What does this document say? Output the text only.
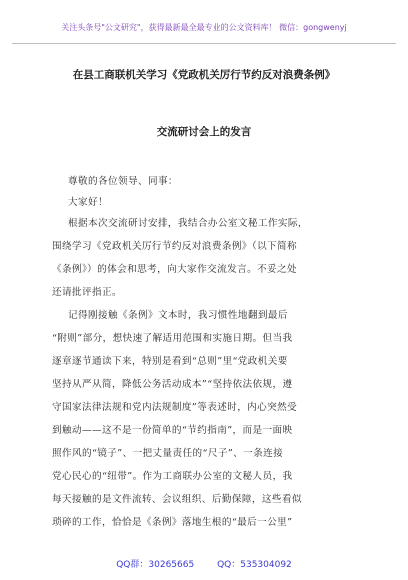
关注头条号"公文研究"，获得最新最全最专业的公文资料库！ 微信：gongwenyj
在县工商联机关学习《党政机关厉行节约反对浪费条例》
交流研讨会上的发言
尊敬的各位领导、同事：
大家好！
根据本次交流研讨安排，我结合办公室文秘工作实际，
围绕学习《党政机关厉行节约反对浪费条例》（以下简称
《条例》）的体会和思考，向大家作交流发言。不妥之处
还请批评指正。
记得刚接触《条例》文本时，我习惯性地翻到最后
“附则”部分，想快速了解适用范围和实施日期。但当我
逐章逐节通读下来，特别是看到“总则”里“党政机关要
坚持从严从简，降低公务活动成本”“坚持依法依规，遵
守国家法律法规和党内法规制度”等表述时，内心突然受
到触动——这不是一份简单的“节约指南”，而是一面映
照作风的“镜子”、一把丈量责任的“尺子”、一条连接
党心民心的“纽带”。作为工商联办公室的文秘人员，我
每天接触的是文件流转、会议组织、后勤保障，这些看似
琐碎的工作，恰恰是《条例》落地生根的“最后一公里”
QQ群：30265665	QQ：535304092
